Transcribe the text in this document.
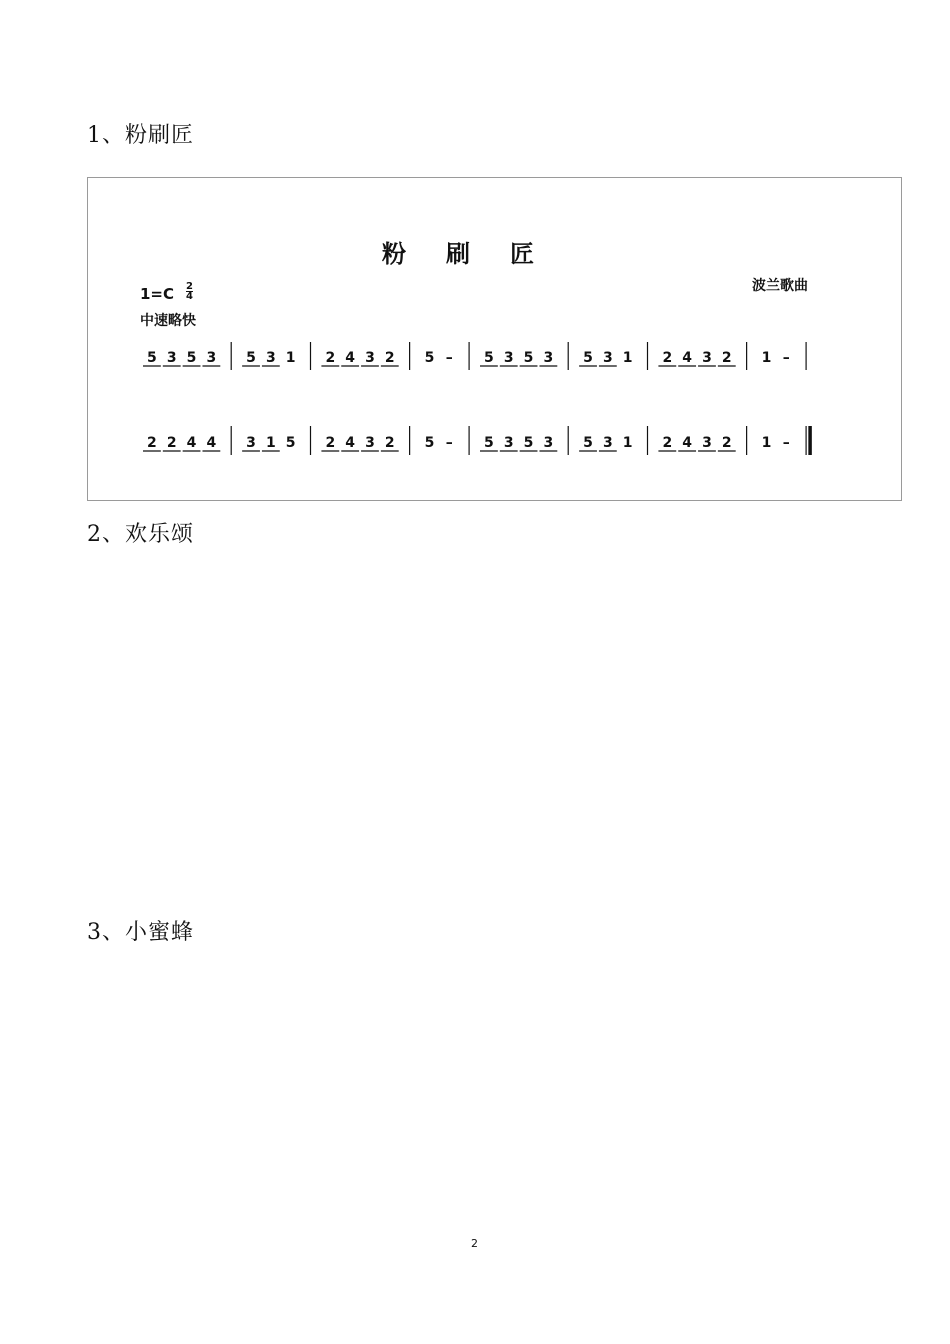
1、粉刷匠
粉刷匠
波兰歌曲
1=C 2
4
中速略快
5 3 5 3 5 3 1 2 4 3 2 5 – 5 3 5 3 5 3 1 2 4 3 2 1 –
2 2 4 4 3 1 5 2 4 3 2 5 – 5 3 5 3 5 3 1 2 4 3 2 1 –
2、欢乐颂
3、小蜜蜂
2
